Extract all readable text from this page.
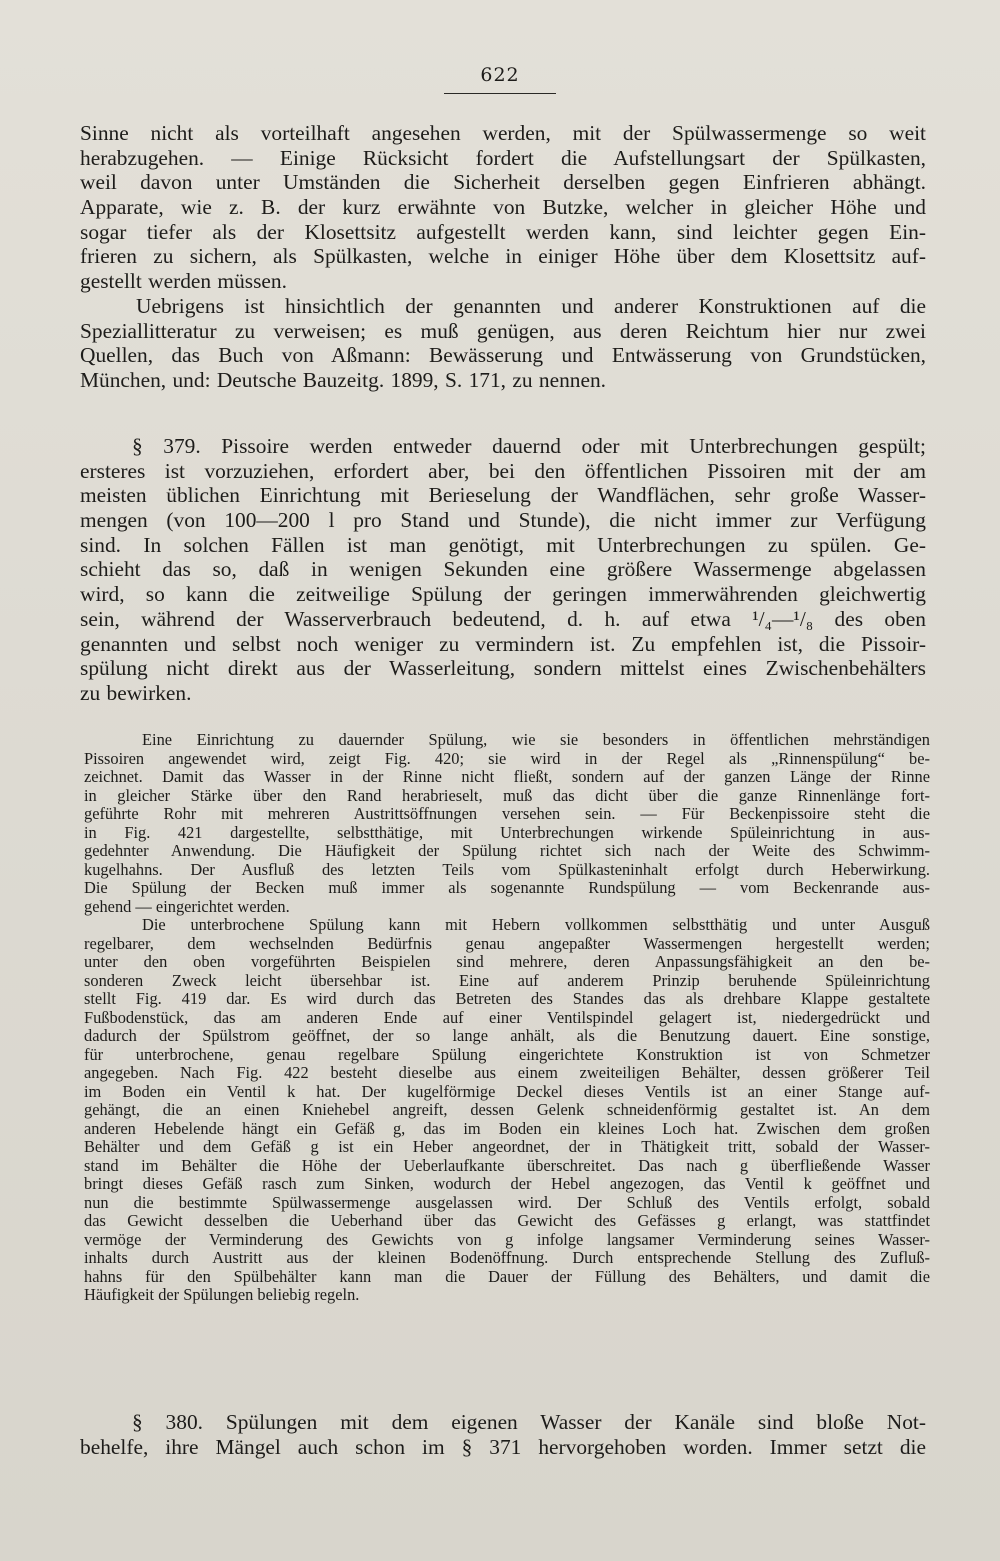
622
Sinne nicht als vorteilhaft angesehen werden, mit der Spülwassermenge so weit
herabzugehen. — Einige Rücksicht fordert die Aufstellungsart der Spülkasten,
weil davon unter Umständen die Sicherheit derselben gegen Einfrieren abhängt.
Apparate, wie z. B. der kurz erwähnte von Butzke, welcher in gleicher Höhe und
sogar tiefer als der Klosettsitz aufgestellt werden kann, sind leichter gegen Ein-
frieren zu sichern, als Spülkasten, welche in einiger Höhe über dem Klosettsitz auf-
gestellt werden müssen.
Uebrigens ist hinsichtlich der genannten und anderer Konstruktionen auf die
Speziallitteratur zu verweisen; es muß genügen, aus deren Reichtum hier nur zwei
Quellen, das Buch von Aßmann: Bewässerung und Entwässerung von Grundstücken,
München, und: Deutsche Bauzeitg. 1899, S. 171, zu nennen.
§ 379. Pissoire werden entweder dauernd oder mit Unterbrechungen gespült;
ersteres ist vorzuziehen, erfordert aber, bei den öffentlichen Pissoiren mit der am
meisten üblichen Einrichtung mit Berieselung der Wandflächen, sehr große Wasser-
mengen (von 100—200 l pro Stand und Stunde), die nicht immer zur Verfügung
sind. In solchen Fällen ist man genötigt, mit Unterbrechungen zu spülen. Ge-
schieht das so, daß in wenigen Sekunden eine größere Wassermenge abgelassen
wird, so kann die zeitweilige Spülung der geringen immerwährenden gleichwertig
sein, während der Wasserverbrauch bedeutend, d. h. auf etwa ¹/₄—¹/₈ des oben
genannten und selbst noch weniger zu vermindern ist. Zu empfehlen ist, die Pissoir-
spülung nicht direkt aus der Wasserleitung, sondern mittelst eines Zwischenbehälters
zu bewirken.
Eine Einrichtung zu dauernder Spülung, wie sie besonders in öffentlichen mehrständigen
Pissoiren angewendet wird, zeigt Fig. 420; sie wird in der Regel als „Rinnenspülung“ be-
zeichnet. Damit das Wasser in der Rinne nicht fließt, sondern auf der ganzen Länge der Rinne
in gleicher Stärke über den Rand herabrieselt, muß das dicht über die ganze Rinnenlänge fort-
geführte Rohr mit mehreren Austrittsöffnungen versehen sein. — Für Beckenpissoire steht die
in Fig. 421 dargestellte, selbstthätige, mit Unterbrechungen wirkende Spüleinrichtung in aus-
gedehnter Anwendung. Die Häufigkeit der Spülung richtet sich nach der Weite des Schwimm-
kugelhahns. Der Ausfluß des letzten Teils vom Spülkasteninhalt erfolgt durch Heberwirkung.
Die Spülung der Becken muß immer als sogenannte Rundspülung — vom Beckenrande aus-
gehend — eingerichtet werden.
Die unterbrochene Spülung kann mit Hebern vollkommen selbstthätig und unter Ausguß
regelbarer, dem wechselnden Bedürfnis genau angepaßter Wassermengen hergestellt werden;
unter den oben vorgeführten Beispielen sind mehrere, deren Anpassungsfähigkeit an den be-
sonderen Zweck leicht übersehbar ist. Eine auf anderem Prinzip beruhende Spüleinrichtung
stellt Fig. 419 dar. Es wird durch das Betreten des Standes das als drehbare Klappe gestaltete
Fußbodenstück, das am anderen Ende auf einer Ventilspindel gelagert ist, niedergedrückt und
dadurch der Spülstrom geöffnet, der so lange anhält, als die Benutzung dauert. Eine sonstige,
für unterbrochene, genau regelbare Spülung eingerichtete Konstruktion ist von Schmetzer
angegeben. Nach Fig. 422 besteht dieselbe aus einem zweiteiligen Behälter, dessen größerer Teil
im Boden ein Ventil k hat. Der kugelförmige Deckel dieses Ventils ist an einer Stange auf-
gehängt, die an einen Kniehebel angreift, dessen Gelenk schneidenförmig gestaltet ist. An dem
anderen Hebelende hängt ein Gefäß g, das im Boden ein kleines Loch hat. Zwischen dem großen
Behälter und dem Gefäß g ist ein Heber angeordnet, der in Thätigkeit tritt, sobald der Wasser-
stand im Behälter die Höhe der Ueberlaufkante überschreitet. Das nach g überfließende Wasser
bringt dieses Gefäß rasch zum Sinken, wodurch der Hebel angezogen, das Ventil k geöffnet und
nun die bestimmte Spülwassermenge ausgelassen wird. Der Schluß des Ventils erfolgt, sobald
das Gewicht desselben die Ueberhand über das Gewicht des Gefässes g erlangt, was stattfindet
vermöge der Verminderung des Gewichts von g infolge langsamer Verminderung seines Wasser-
inhalts durch Austritt aus der kleinen Bodenöffnung. Durch entsprechende Stellung des Zufluß-
hahns für den Spülbehälter kann man die Dauer der Füllung des Behälters, und damit die
Häufigkeit der Spülungen beliebig regeln.
§ 380. Spülungen mit dem eigenen Wasser der Kanäle sind bloße Not-
behelfe, ihre Mängel auch schon im § 371 hervorgehoben worden. Immer setzt die
